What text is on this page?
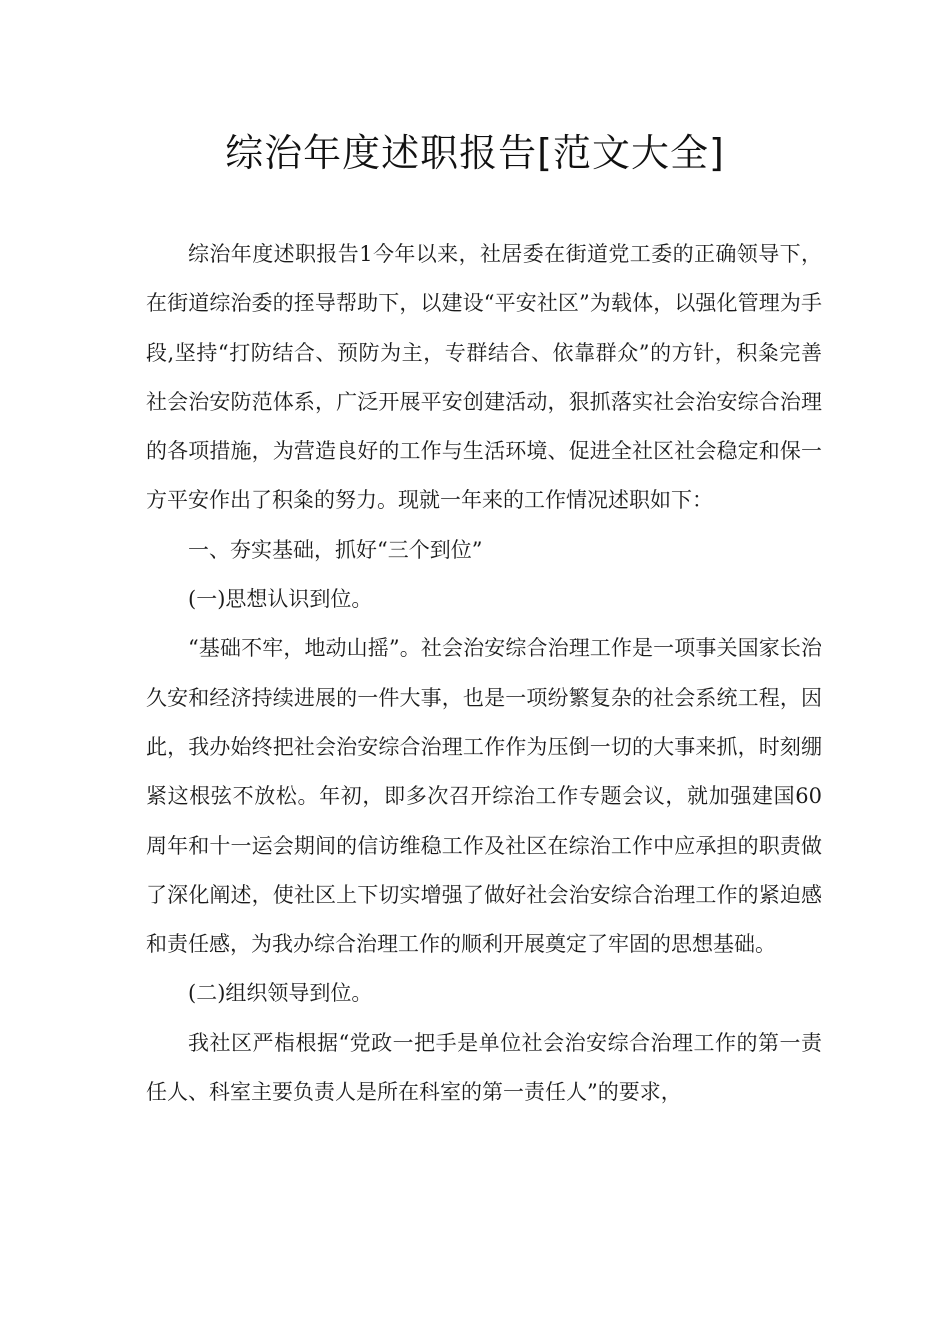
综治年度述职报告[范文大全]

综治年度述职报告1今年以来，社居委在街道党工委的正确领导下，在街道综治委的挃导帮助下，以建设“平安社区”为载体，以强化管理为手段,坚持“打防结合、预防为主，专群结合、依靠群众”的方针，积粂完善社会治安防范体系，广泛开展平安创建活动，狠抓落实社会治安综合治理的各项措施，为营造良好的工作与生活环境、促进全社区社会稳定和保一方平安作出了积粂的努力。现就一年来的工作情况述职如下：

一、夯实基础，抓好“三个到位”

(一)思想认识到位。

“基础不牢，地动山摇”。社会治安综合治理工作是一项事关国家长治久安和经济持续进展的一件大事，也是一项纷繁复杂的社会系统工程，因此，我办始终把社会治安综合治理工作作为压倒一切的大事来抓，时刻绷紧这根弦不放松。年初，即多次召开综治工作专题会议，就加强建国60周年和十一运会期间的信访维稳工作及社区在综治工作中应承担的职责做了深化阐述，使社区上下切实增强了做好社会治安综合治理工作的紧迫感和责任感，为我办综合治理工作的顺利开展奠定了牢固的思想基础。

(二)组织领导到位。

我社区严栺根据“党政一把手是单位社会治安综合治理工作的第一责任人、科室主要负责人是所在科室的第一责任人”的要求，
